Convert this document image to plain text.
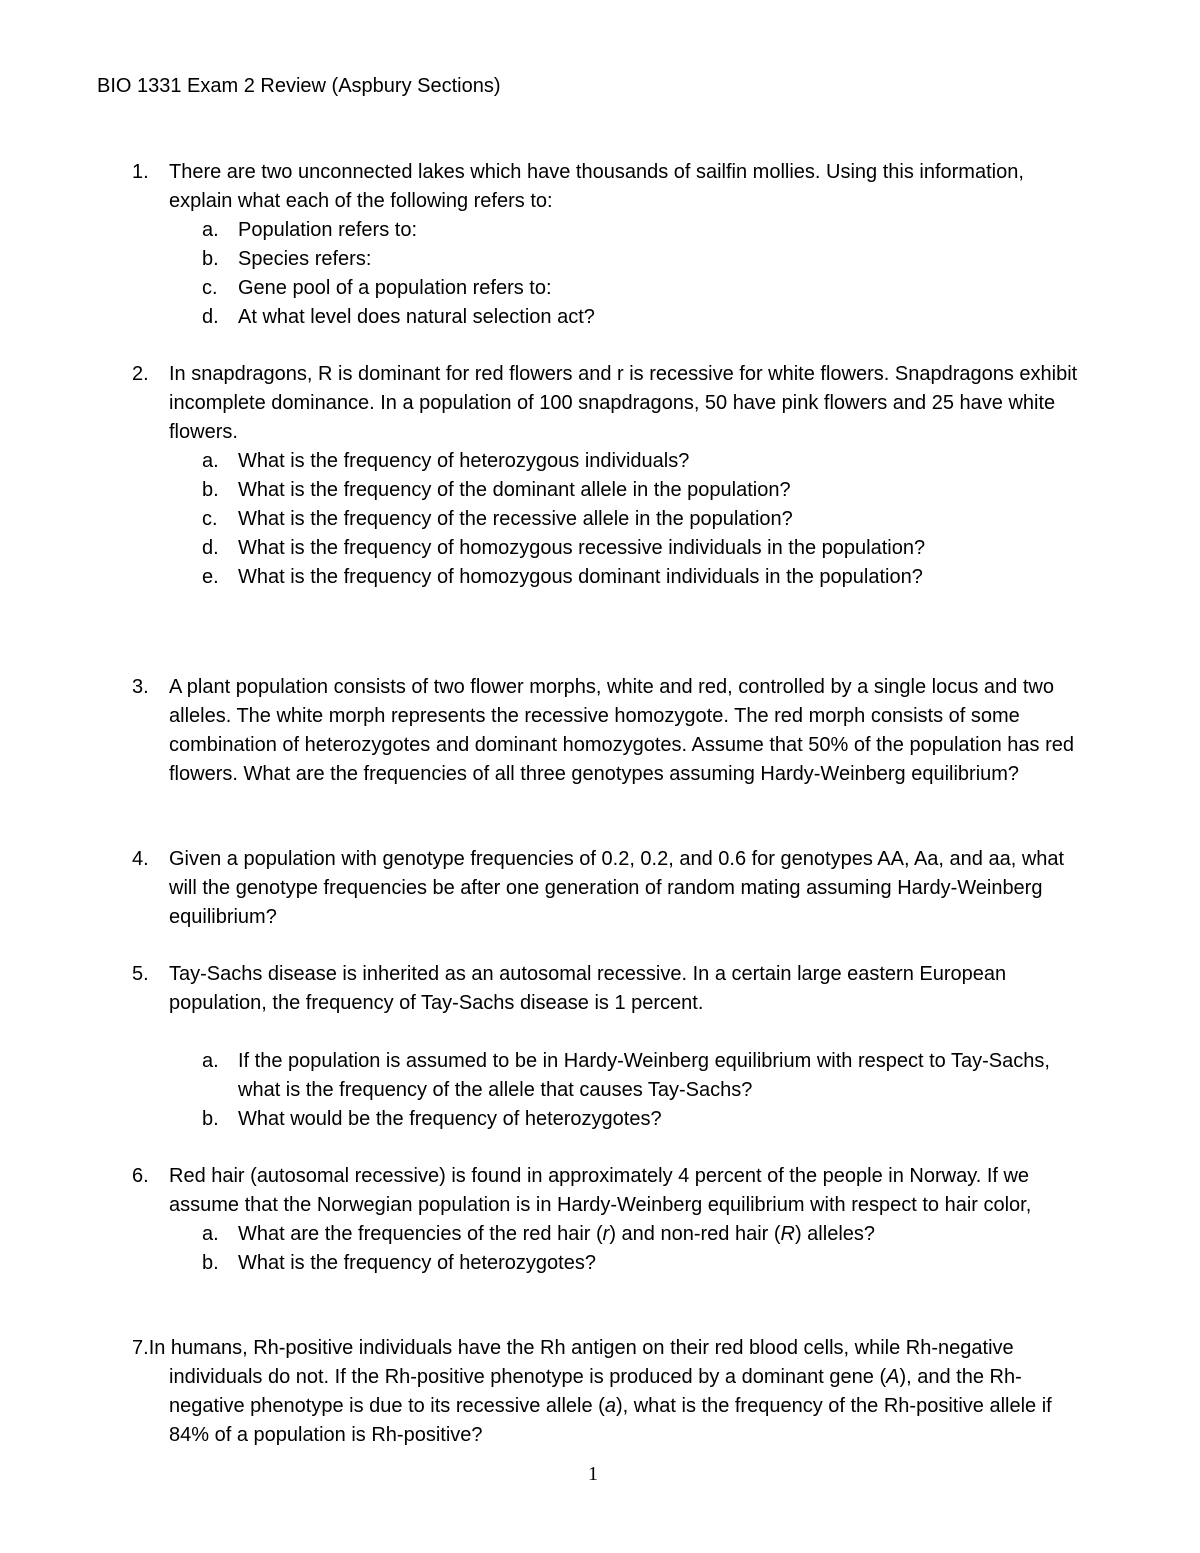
BIO 1331 Exam 2 Review (Aspbury Sections)
1. There are two unconnected lakes which have thousands of sailfin mollies. Using this information, explain what each of the following refers to:
a. Population refers to:
b. Species refers:
c. Gene pool of a population refers to:
d. At what level does natural selection act?
2. In snapdragons, R is dominant for red flowers and r is recessive for white flowers. Snapdragons exhibit incomplete dominance. In a population of 100 snapdragons, 50 have pink flowers and 25 have white flowers.
a. What is the frequency of heterozygous individuals?
b. What is the frequency of the dominant allele in the population?
c. What is the frequency of the recessive allele in the population?
d. What is the frequency of homozygous recessive individuals in the population?
e. What is the frequency of homozygous dominant individuals in the population?
3. A plant population consists of two flower morphs, white and red, controlled by a single locus and two alleles. The white morph represents the recessive homozygote. The red morph consists of some combination of heterozygotes and dominant homozygotes. Assume that 50% of the population has red flowers. What are the frequencies of all three genotypes assuming Hardy-Weinberg equilibrium?
4. Given a population with genotype frequencies of 0.2, 0.2, and 0.6 for genotypes AA, Aa, and aa, what will the genotype frequencies be after one generation of random mating assuming Hardy-Weinberg equilibrium?
5. Tay-Sachs disease is inherited as an autosomal recessive. In a certain large eastern European population, the frequency of Tay-Sachs disease is 1 percent.
a. If the population is assumed to be in Hardy-Weinberg equilibrium with respect to Tay-Sachs, what is the frequency of the allele that causes Tay-Sachs?
b. What would be the frequency of heterozygotes?
6. Red hair (autosomal recessive) is found in approximately 4 percent of the people in Norway. If we assume that the Norwegian population is in Hardy-Weinberg equilibrium with respect to hair color,
a. What are the frequencies of the red hair (r) and non-red hair (R) alleles?
b. What is the frequency of heterozygotes?
7.In humans, Rh-positive individuals have the Rh antigen on their red blood cells, while Rh-negative individuals do not. If the Rh-positive phenotype is produced by a dominant gene (A), and the Rh-negative phenotype is due to its recessive allele (a), what is the frequency of the Rh-positive allele if 84% of a population is Rh-positive?
1
